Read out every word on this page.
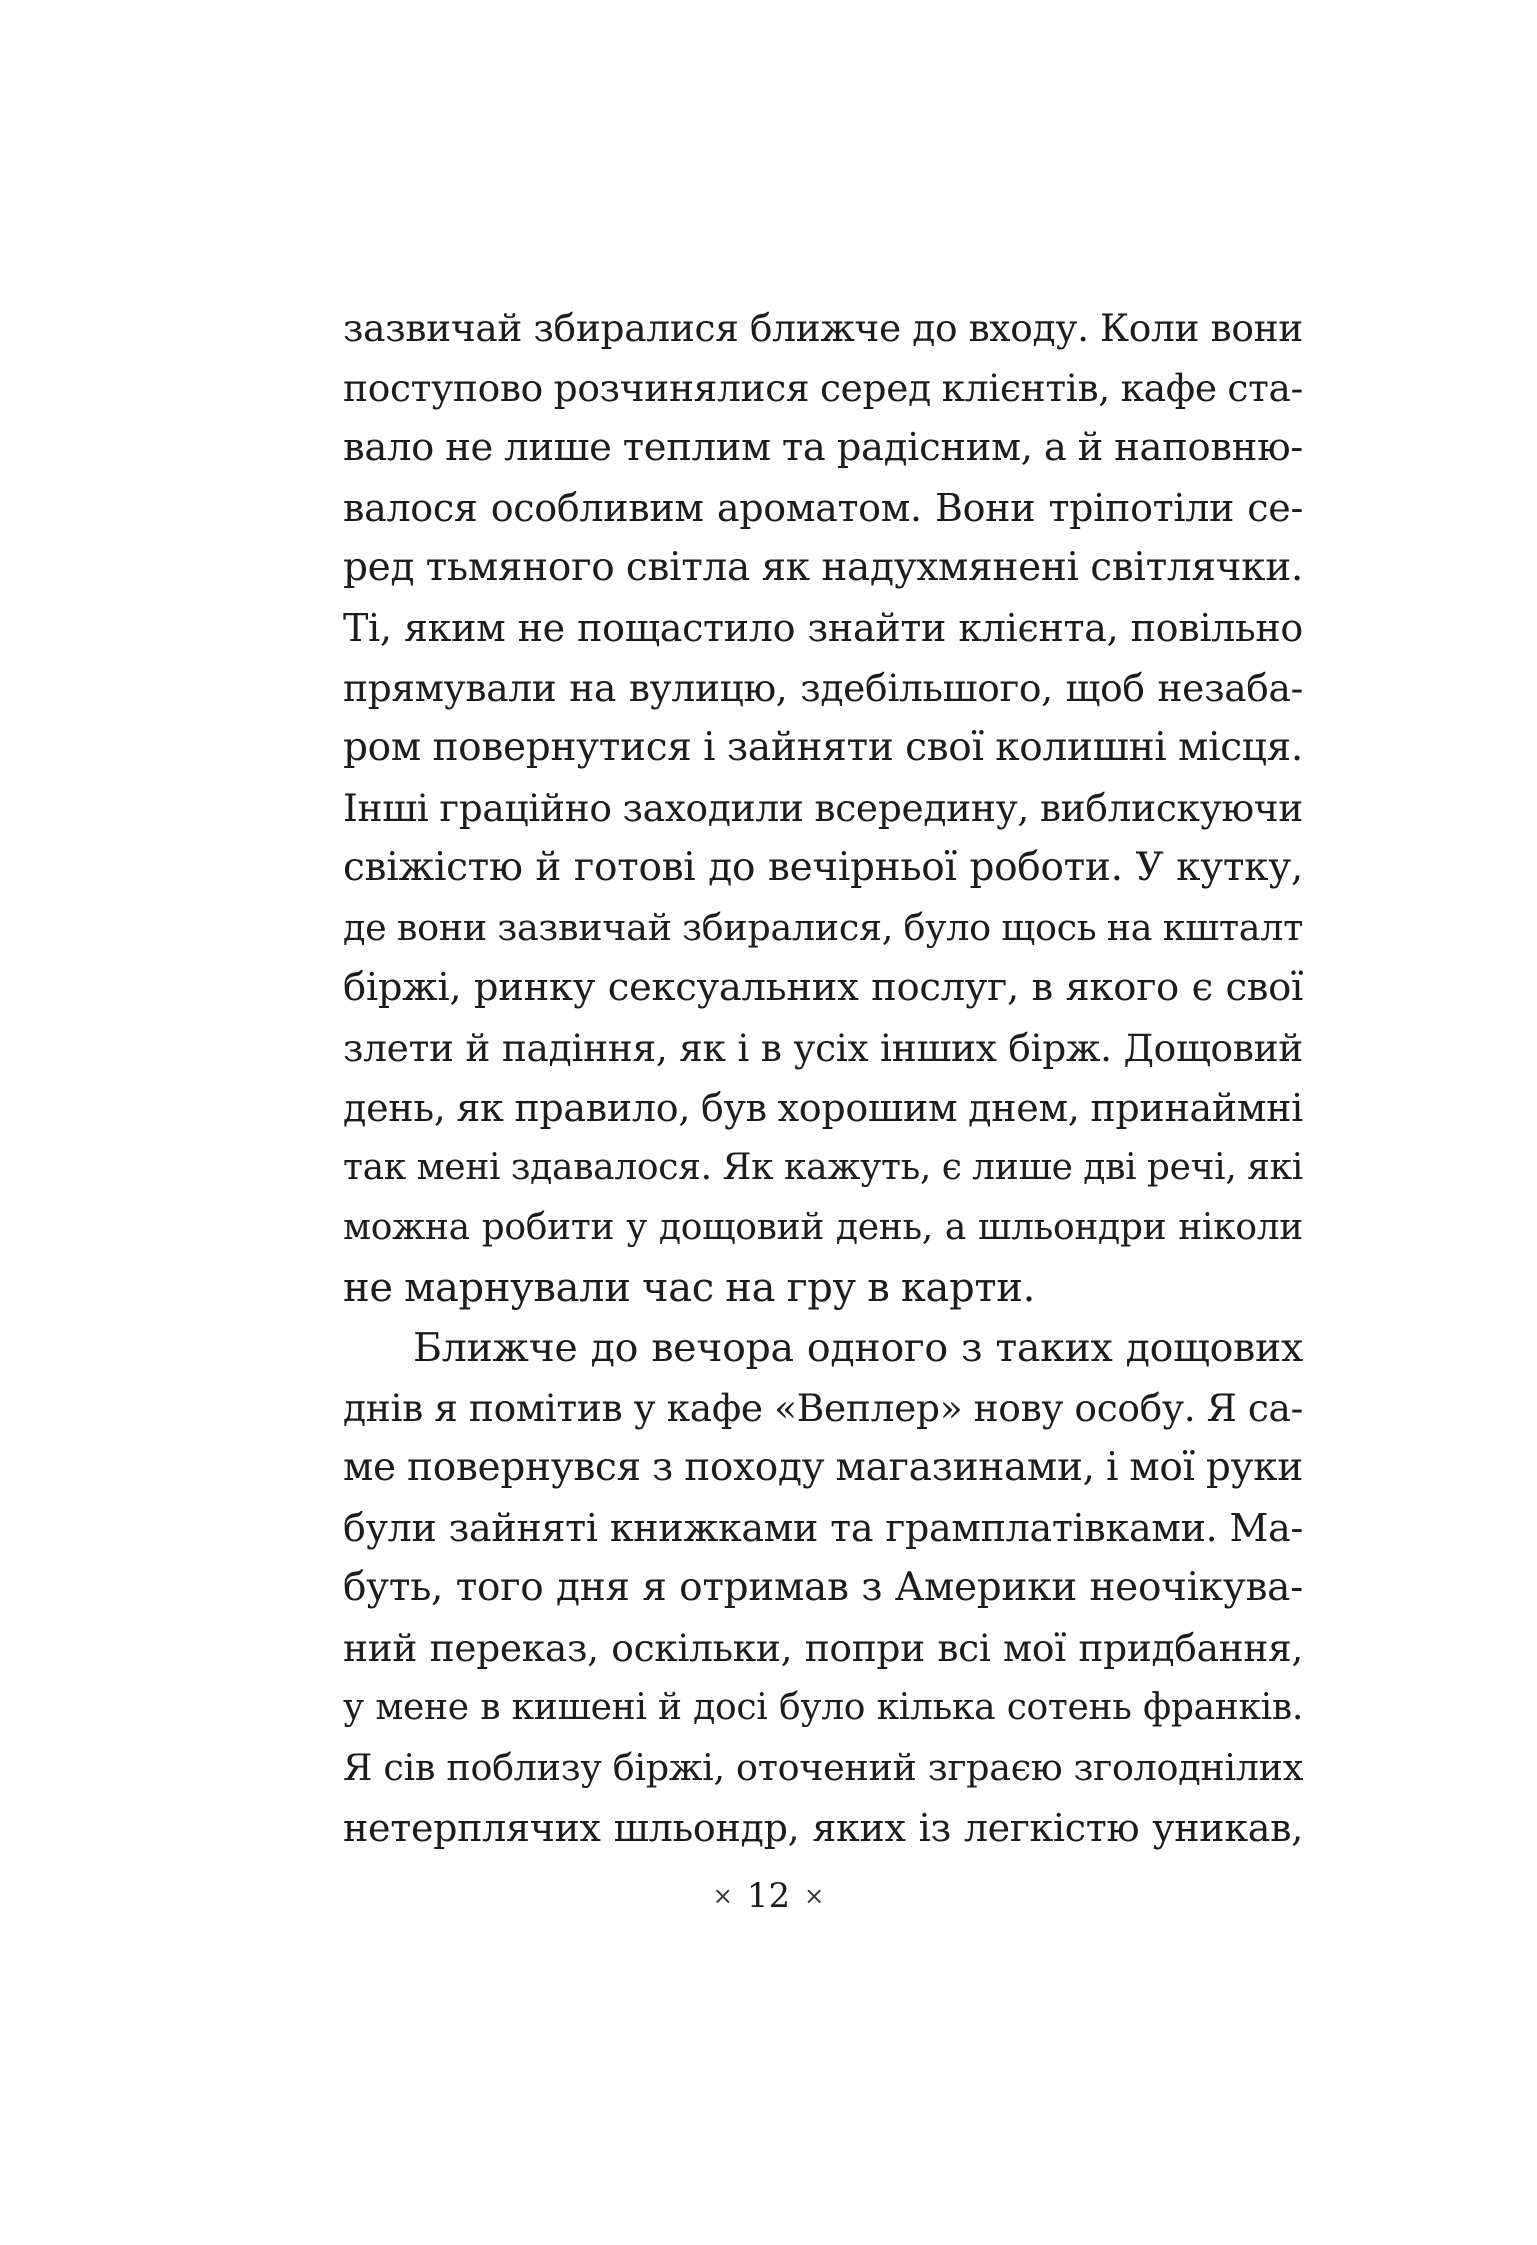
зазвичай збиралися ближче до входу. Коли вони
поступово розчинялися серед клієнтів, кафе ста-
вало не лише теплим та радісним, а й наповню-
валося особливим ароматом. Вони тріпотіли се-
ред тьмяного світла як надухмянені світлячки.
Ті, яким не пощастило знайти клієнта, повільно
прямували на вулицю, здебільшого, щоб незаба-
ром повернутися і зайняти свої колишні місця.
Інші граційно заходили всередину, виблискуючи
свіжістю й готові до вечірньої роботи. У кутку,
де вони зазвичай збиралися, було щось на кшталт
біржі, ринку сексуальних послуг, в якого є свої
злети й падіння, як і в усіх інших бірж. Дощовий
день, як правило, був хорошим днем, принаймні
так мені здавалося. Як кажуть, є лише дві речі, які
можна робити у дощовий день, а шльондри ніколи
не марнували час на гру в карти.
Ближче до вечора одного з таких дощових
днів я помітив у кафе «Веплер» нову особу. Я са-
ме повернувся з походу магазинами, і мої руки
були зайняті книжками та грамплатівками. Ма-
буть, того дня я отримав з Америки неочікува-
ний переказ, оскільки, попри всі мої придбання,
у мене в кишені й досі було кілька сотень франків.
Я сів поблизу біржі, оточений зграєю зголоднілих
нетерплячих шльондр, яких із легкістю уникав,
× 12 ×
